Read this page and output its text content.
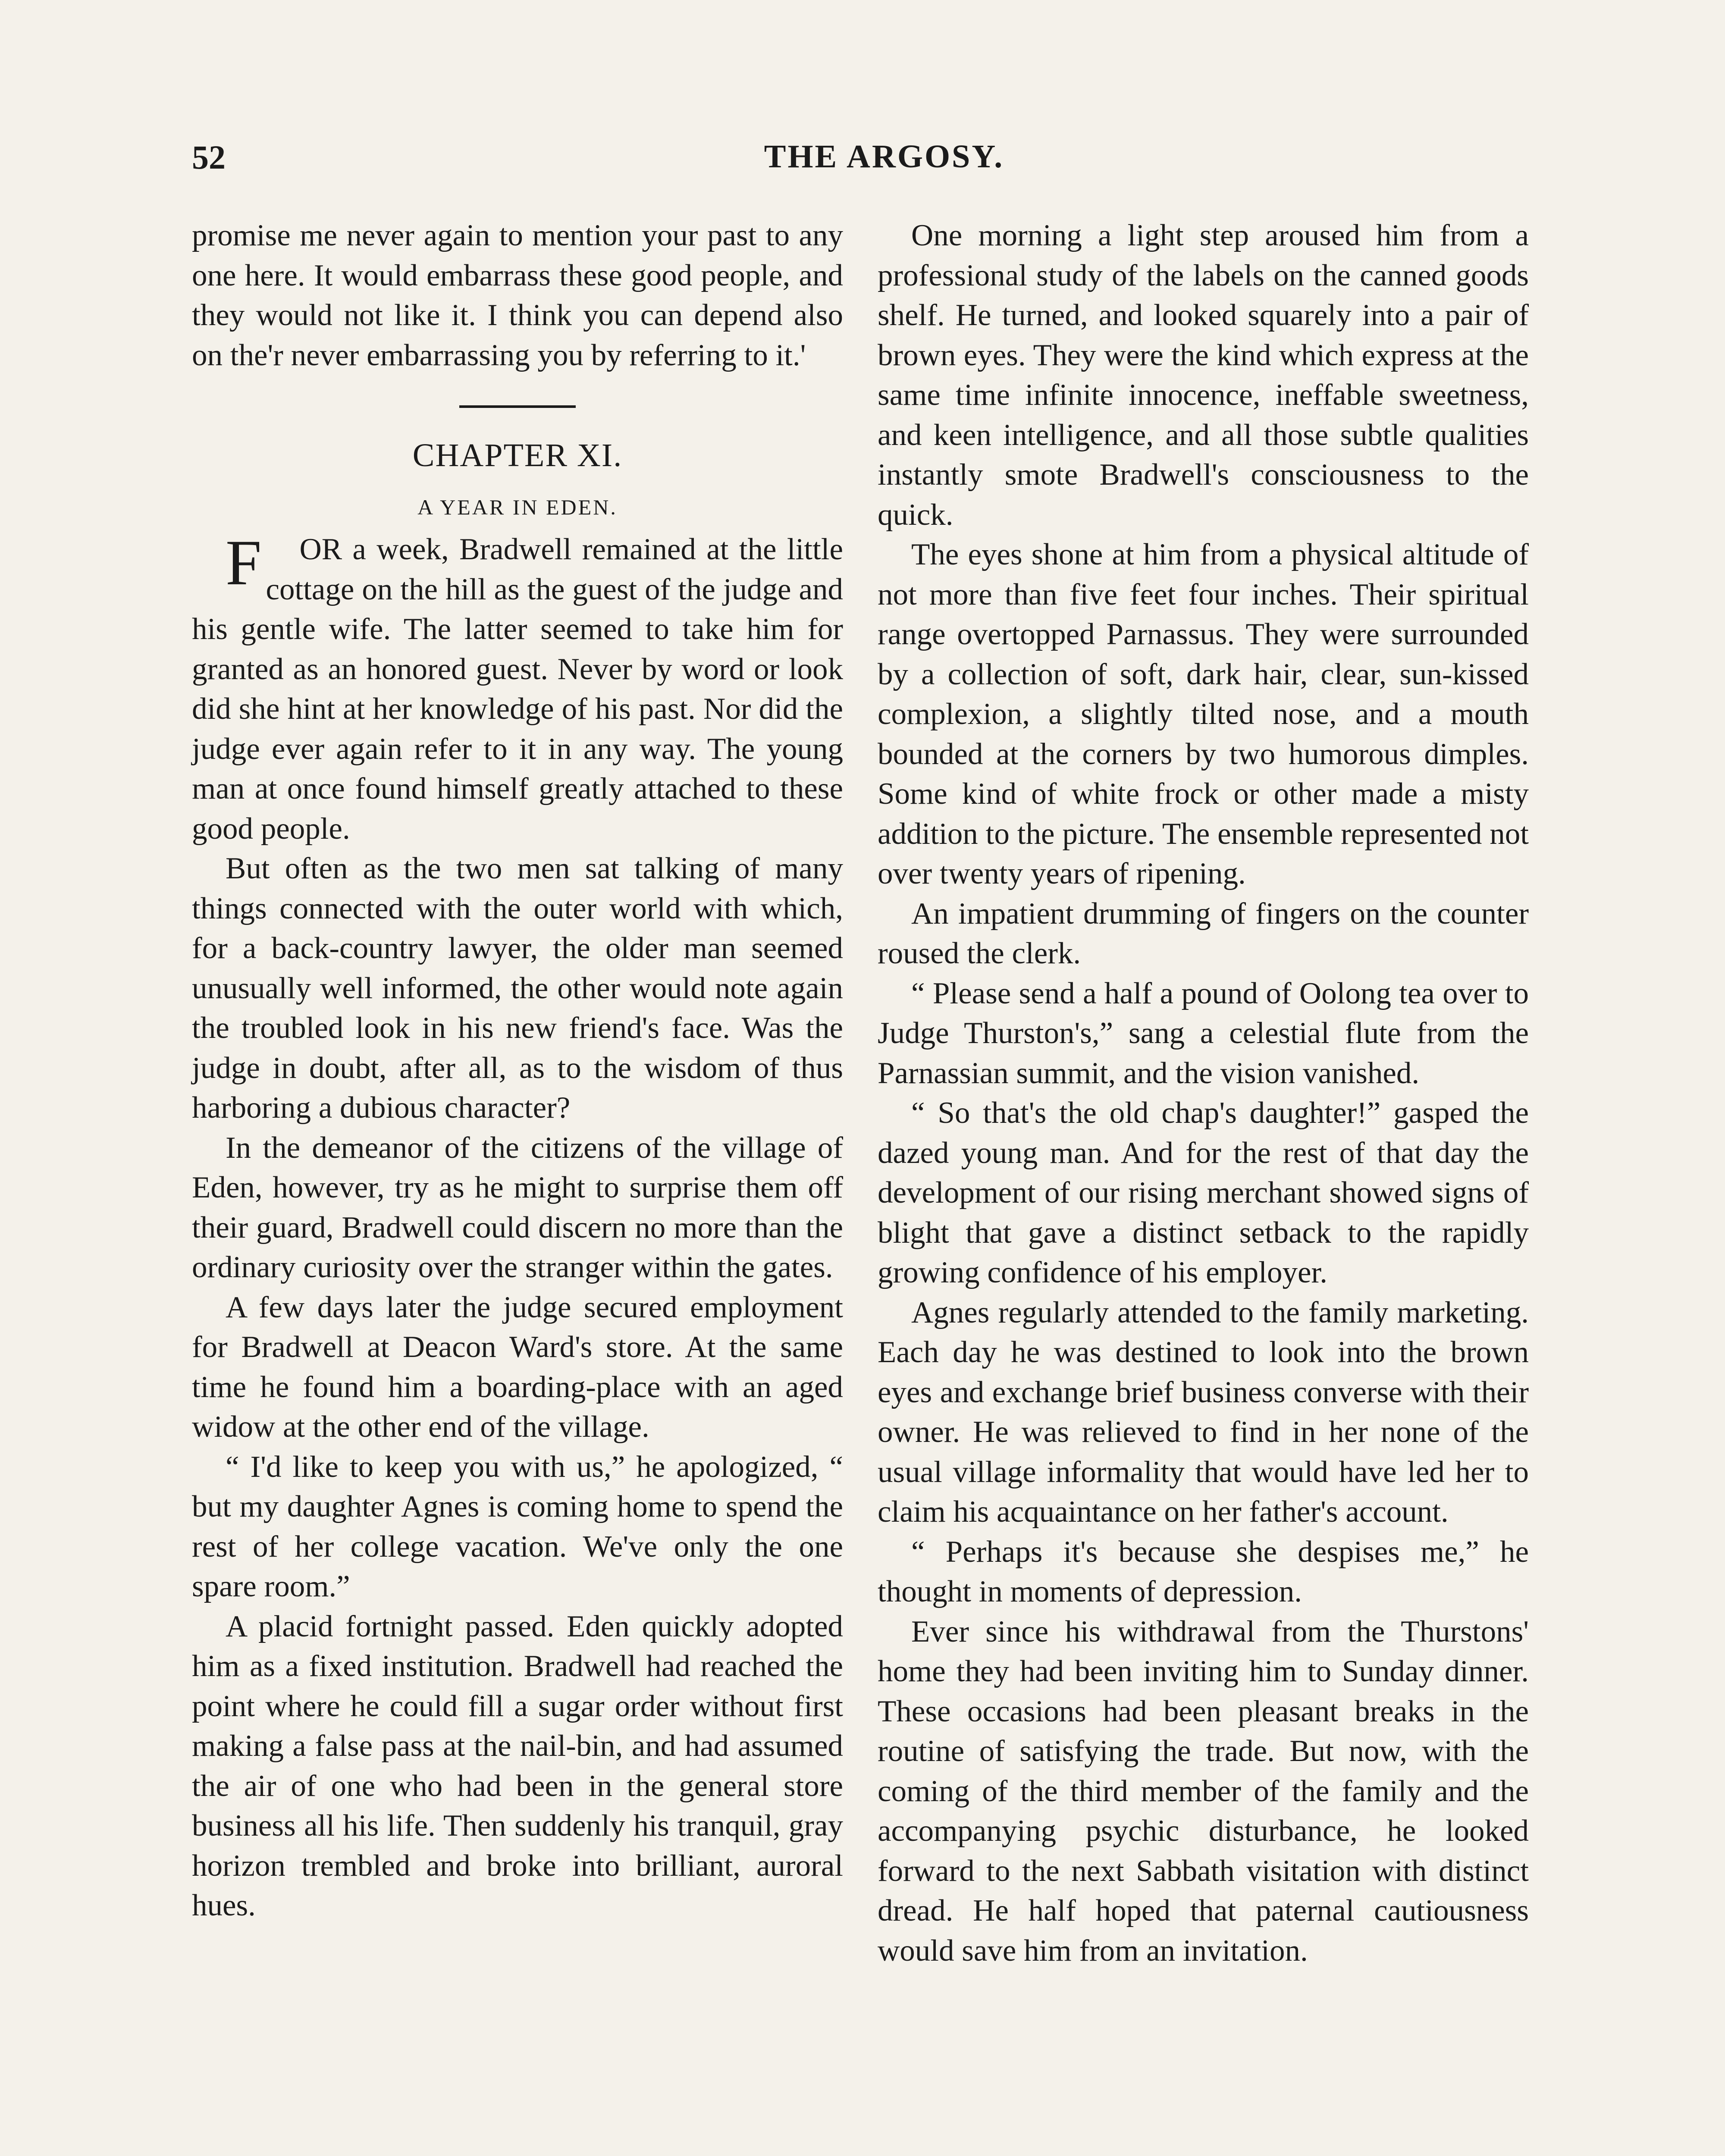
52	THE ARGOSY.

promise me never again to mention your past to any one here. It would embarrass these good people, and they would not like it. I think you can depend also on the'r never embarrassing you by referring to it.'

CHAPTER XI.
A YEAR IN EDEN.

F OR a week, Bradwell remained at the little cottage on the hill as the guest of the judge and his gentle wife. The latter seemed to take him for granted as an honored guest. Never by word or look did she hint at her knowledge of his past. Nor did the judge ever again refer to it in any way. The young man at once found himself greatly attached to these good people.

But often as the two men sat talking of many things connected with the outer world with which, for a back-country lawyer, the older man seemed unusually well informed, the other would note again the troubled look in his new friend's face. Was the judge in doubt, after all, as to the wisdom of thus harboring a dubious character?

In the demeanor of the citizens of the village of Eden, however, try as he might to surprise them off their guard, Bradwell could discern no more than the ordinary curiosity over the stranger within the gates.

A few days later the judge secured employment for Bradwell at Deacon Ward's store. At the same time he found him a boarding-place with an aged widow at the other end of the village.

“ I'd like to keep you with us,” he apologized, “ but my daughter Agnes is coming home to spend the rest of her college vacation. We've only the one spare room.”

A placid fortnight passed. Eden quickly adopted him as a fixed institution. Bradwell had reached the point where he could fill a sugar order without first making a false pass at the nail-bin, and had assumed the air of one who had been in the general store business all his life. Then suddenly his tranquil, gray horizon trembled and broke into brilliant, auroral hues.

One morning a light step aroused him from a professional study of the labels on the canned goods shelf. He turned, and looked squarely into a pair of brown eyes. They were the kind which express at the same time infinite innocence, ineffable sweetness, and keen intelligence, and all those subtle qualities instantly smote Bradwell's consciousness to the quick.

The eyes shone at him from a physical altitude of not more than five feet four inches. Their spiritual range overtopped Parnassus. They were surrounded by a collection of soft, dark hair, clear, sun-kissed complexion, a slightly tilted nose, and a mouth bounded at the corners by two humorous dimples. Some kind of white frock or other made a misty addition to the picture. The ensemble represented not over twenty years of ripening.

An impatient drumming of fingers on the counter roused the clerk.

“ Please send a half a pound of Oolong tea over to Judge Thurston's,” sang a celestial flute from the Parnassian summit, and the vision vanished.

“ So that's the old chap's daughter!” gasped the dazed young man. And for the rest of that day the development of our rising merchant showed signs of blight that gave a distinct setback to the rapidly growing confidence of his employer.

Agnes regularly attended to the family marketing. Each day he was destined to look into the brown eyes and exchange brief business converse with their owner. He was relieved to find in her none of the usual village informality that would have led her to claim his acquaintance on her father's account.

“ Perhaps it's because she despises me,” he thought in moments of depression.

Ever since his withdrawal from the Thurstons' home they had been inviting him to Sunday dinner. These occasions had been pleasant breaks in the routine of satisfying the trade. But now, with the coming of the third member of the family and the accompanying psychic disturbance, he looked forward to the next Sabbath visitation with distinct dread. He half hoped that paternal cautiousness would save him from an invitation.
